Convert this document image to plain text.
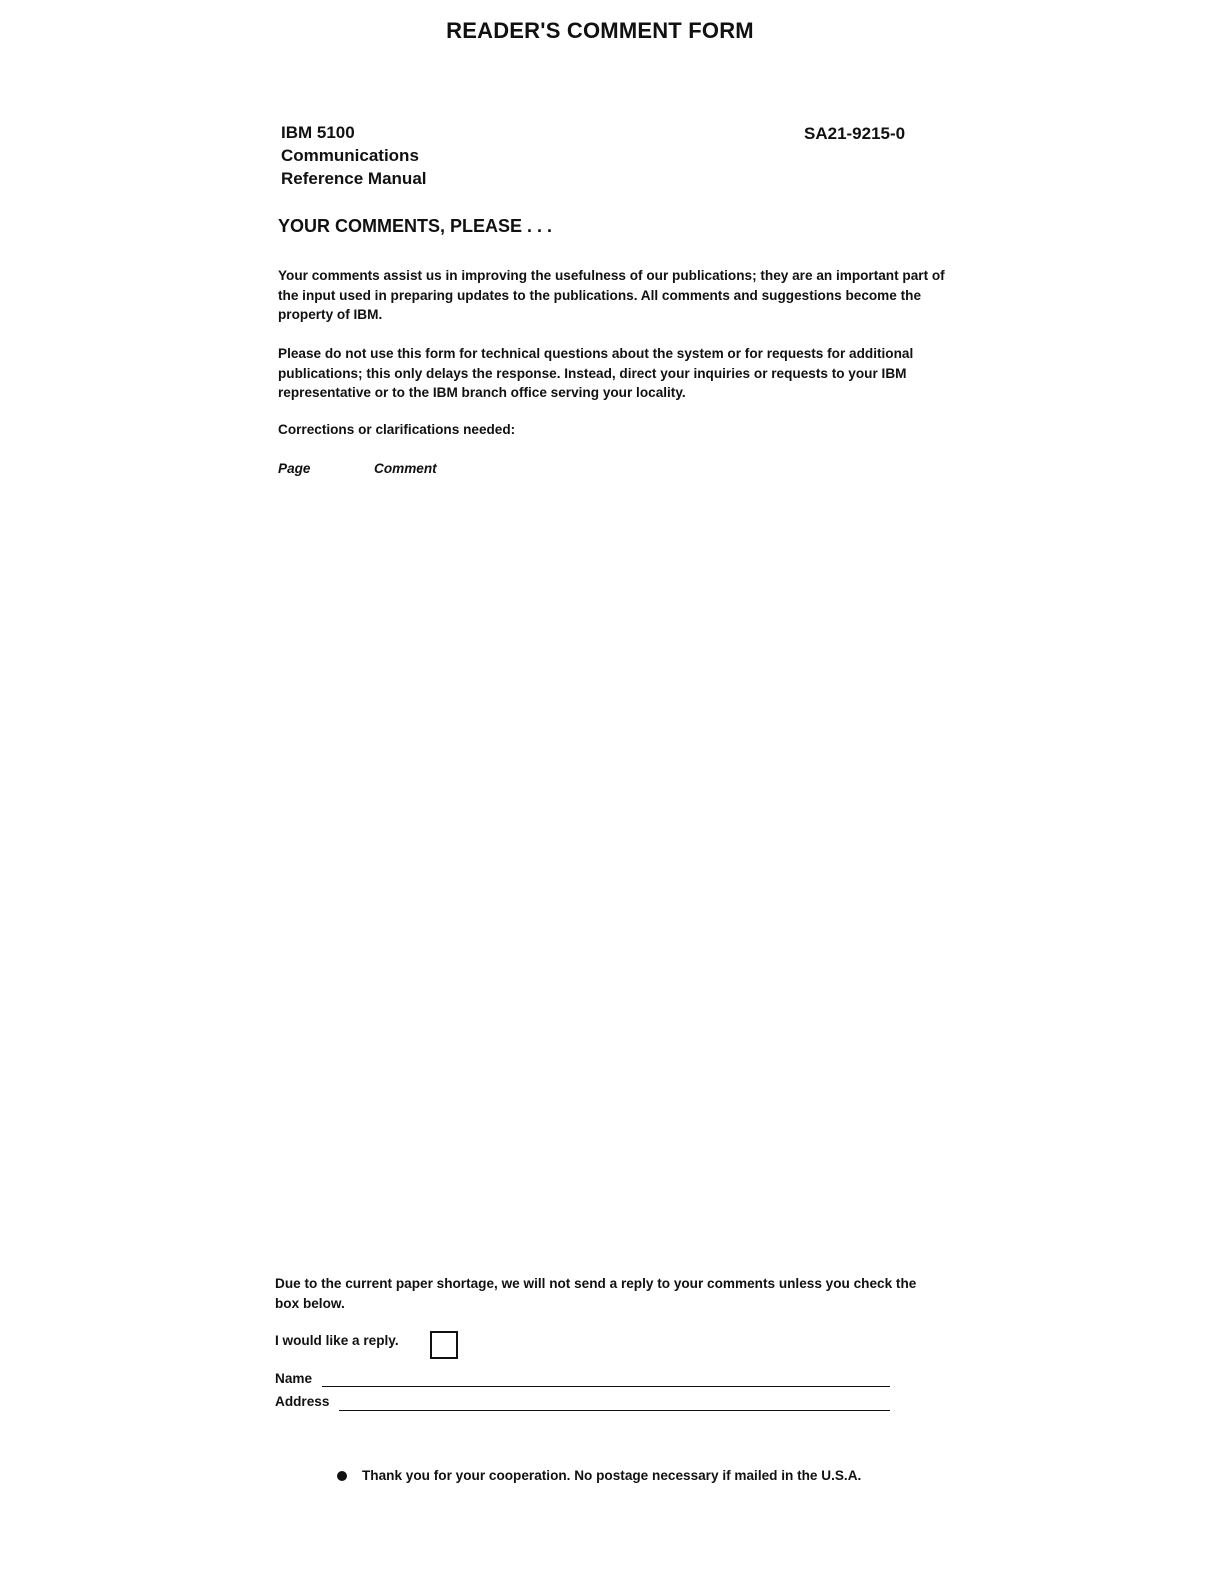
READER'S COMMENT FORM
IBM 5100
Communications
Reference Manual
SA21-9215-0
YOUR COMMENTS, PLEASE . . .
Your comments assist us in improving the usefulness of our publications; they are an important part of the input used in preparing updates to the publications. All comments and suggestions become the property of IBM.
Please do not use this form for technical questions about the system or for requests for additional publications; this only delays the response. Instead, direct your inquiries or requests to your IBM representative or to the IBM branch office serving your locality.
Corrections or clarifications needed:
Page	Comment
Due to the current paper shortage, we will not send a reply to your comments unless you check the box below.
I would like a reply.
Name
Address
Thank you for your cooperation. No postage necessary if mailed in the U.S.A.
